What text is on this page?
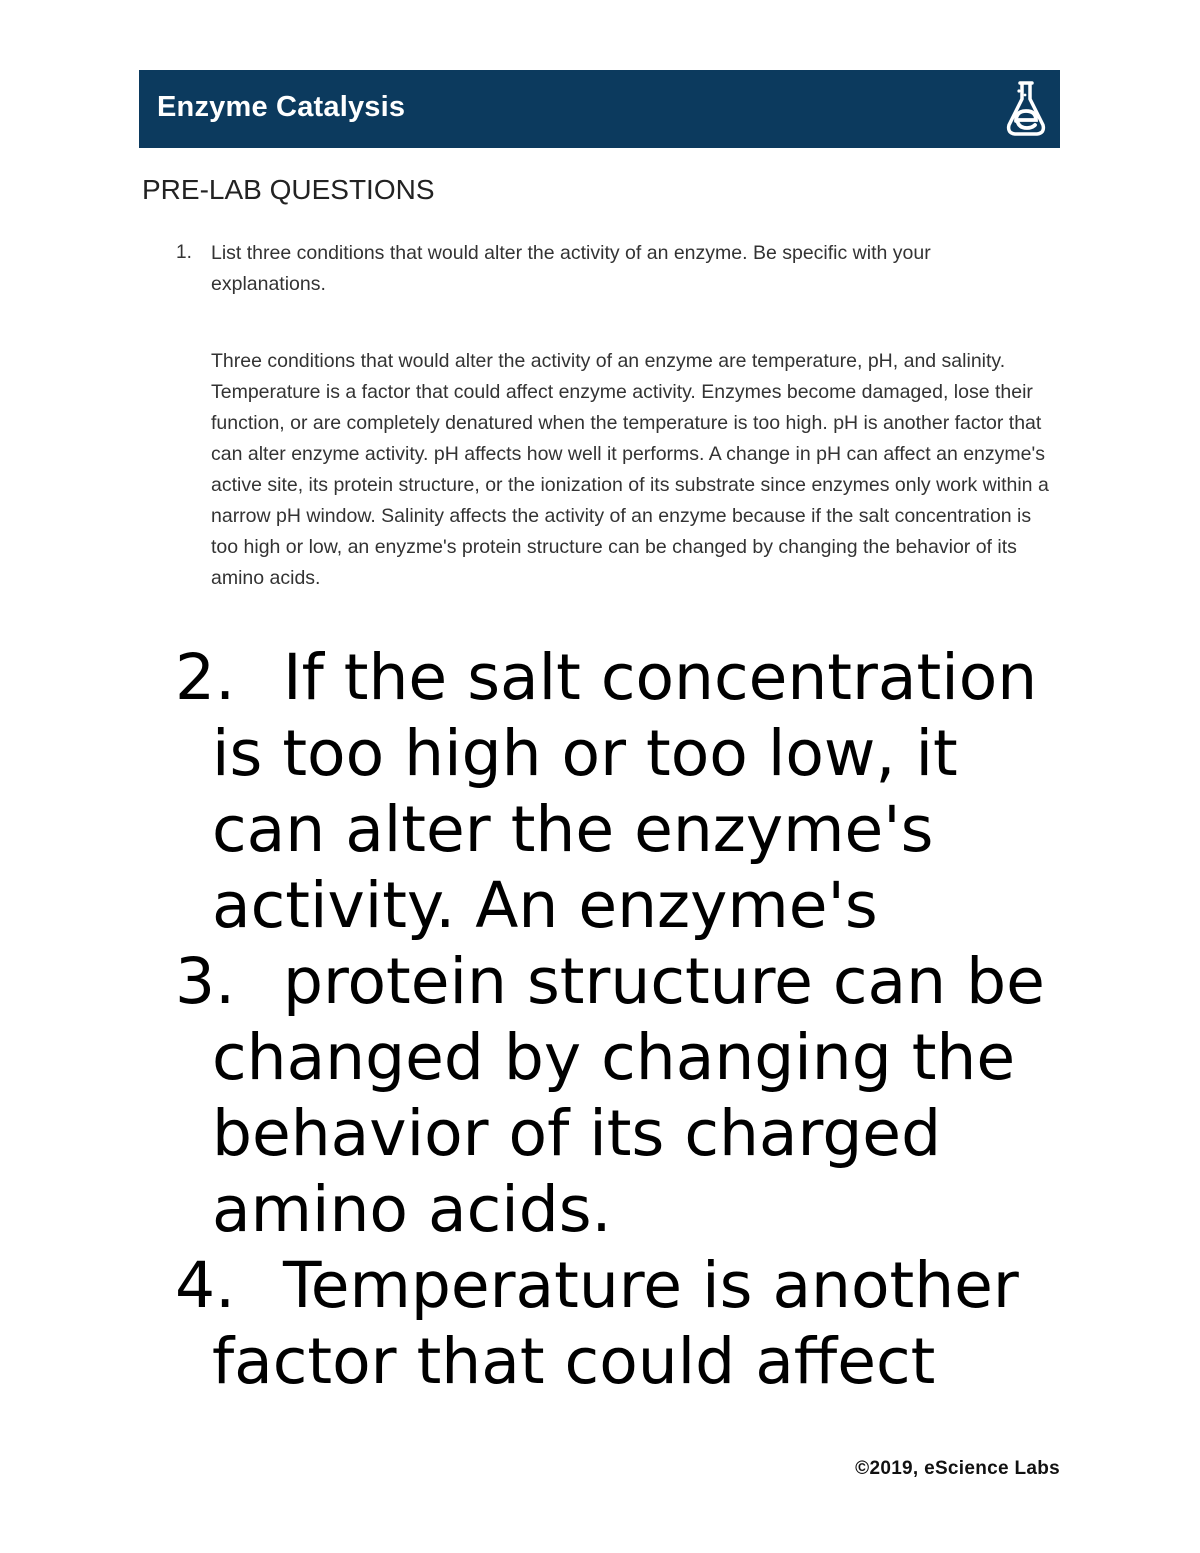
Enzyme Catalysis
PRE-LAB QUESTIONS
1. List three conditions that would alter the activity of an enzyme. Be specific with your explanations.
Three conditions that would alter the activity of an enzyme are temperature, pH, and salinity. Temperature is a factor that could affect enzyme activity. Enzymes become damaged, lose their function, or are completely denatured when the temperature is too high. pH is another factor that can alter enzyme activity. pH affects how well it performs. A change in pH can affect an enzyme's active site, its protein structure, or the ionization of its substrate since enzymes only work within a narrow pH window. Salinity affects the activity of an enzyme because if the salt concentration is too high or low, an enyzme's protein structure can be changed by changing the behavior of its amino acids.
2. If the salt concentration is too high or too low, it can alter the enzyme's activity. An enzyme's
3. protein structure can be changed by changing the behavior of its charged amino acids.
4. Temperature is another factor that could affect
©2019, eScience Labs
